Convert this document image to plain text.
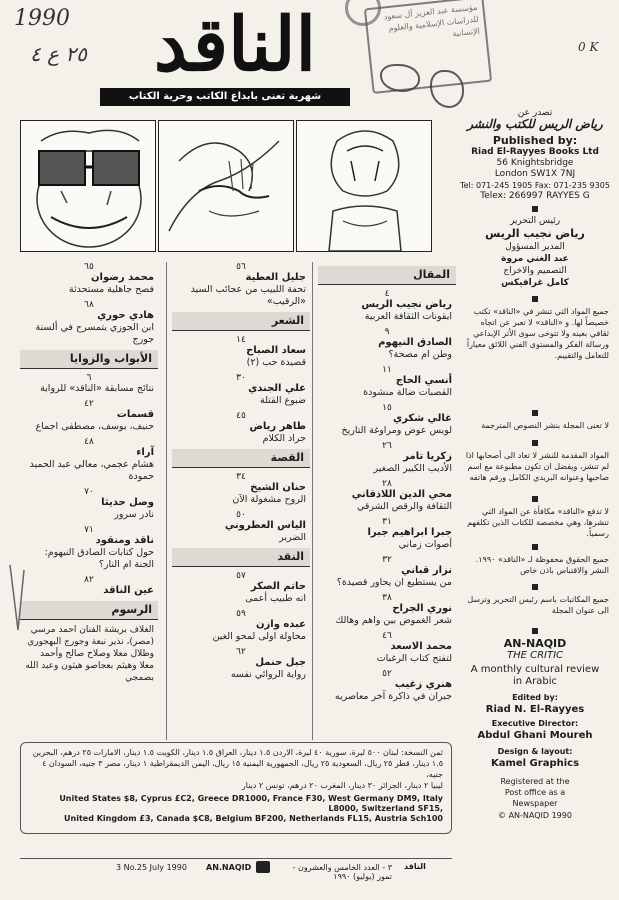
1990
٢٥ ع ٤	0 K
الناقد
شهرية تعنى بابداع الكاتب وحرية الكتاب
مؤسسة عبد العزيز آل سعود للدراسات الإسلامية والعلوم الإنسانية
تصدر عن
رياض الريس للكتب والنشر
Published by:
Riad El-Rayyes Books Ltd
56 Knightsbridge
London SW1X 7NJ
Tel: 071-245 1905 Fax: 071-235 9305
Telex: 266997 RAYYES G
رئيس التحرير
رياض نجيب الريس
المدير المسؤول
عبد الغني مروة
التصميم والاخراج
كامل غرافيكس
جميع المواد التي تنشر في «الناقد» تكتب خصيصاً لها. و «الناقد» لا تعبر عن اتجاه ثقافي بعينه ولا تتوخى سوى الأثر الإبداعي ورسالة الفكر والمستوى الفني اللائق معياراً للتعامل والتقييم.
لا تعنى المجلة بنشر النصوص المترجمة
المواد المقدمة للنشر لا تعاد الى أصحابها اذا لم تنشر، ويفضل ان تكون مطبوعة مع اسم صاحبها وعنوانه البريدي الكامل ورقم هاتفه
لا تدفع «الناقد» مكافأة عن المواد التي تنشرها، وهي مخصصة للكتاب الذين تكلفهم رسمياً.
جميع الحقوق محفوظة لـ «الناقد» ١٩٩٠. النشر والاقتباس باذن خاص
جميع المكاتبات باسم رئيس التحرير وترسل الى عنوان المجلة
AN-NAQID
THE CRITIC
A monthly cultural review
in Arabic
Edited by:
Riad N. El-Rayyes
Executive Director:
Abdul Ghani Moureh
Design & layout:
Kamel Graphics
Registered at the
Post office as a
Newspaper
© AN-NAQID 1990
المقال
٤
رياض نجيب الريس
ايقونات الثقافة العربية
٩
الصادق النيهوم
وطن ام مصحة؟
١١
أنسي الحاج
القصبات ضالة منشودة
١٥
غالي شكري
لويس عوض ومراوغة التاريخ
٢٦
زكريا تامر
الأديب الكبير الصغير
٢٨
محي الدين اللاذقاني
الثقافة والرقص الشرقي
٣١
جبرا ابراهيم جبرا
أصوات زماني
٣٢
نزار قباني
من يستطيع ان يحاور قصيدة؟
٣٨
نوري الجراح
شعر الغموض بين واهم وهالك
٤٦
محمد الاسعد
لتفتح كتاب الرغبات
٥٢
هنري زغيب
جبران في ذاكرة آخر معاصريه
٥٦
جليل العطية
تحفة اللبيب من عجائب السيد «الرقيب»
الشعر
١٤
سعاد الصباح
قصيدة حب (٢)
٣٠
علي الجندي
ضبوع القتلة
٤٥
طاهر رياض
جراد الكلام
القصة
٣٤
حنان الشيخ
الروح مشغولة الآن
٥٠
الياس العطروني
الضرير
النقد
٥٧
حاتم الصكر
انه طبيب أعمى
٥٩
عبده وازن
محاولة اولى لمحو الغين
٦٢
جبل حنمل
رواية الروائي نفسه
٦٥
محمد رضوان
فصح جاهلية مستحدثة
٦٨
هادي حوري
ابن الجوزي يتمسرح في ألسنة جورج
الأبواب والزوايا
٦
نتائج مسابقة «الناقد» للرواية
٤٢
قسمات
حنيف، يوسف، مصطفى اجماع
٤٨
آراء
هشام عجمي، معالي عبد الحميد حمودة
٧٠
وصل حديثا
نادر سرور
٧١
ناقد ومنقود
حول كتابات الصادق النيهوم: الجنة ام النار؟
٨٢
عين الناقد
الرسوم
الغلاف بريشة الفنان احمد مرسي (مصر)، نذير نبعة وجورج البهجوري وطلال معلا وصلاح صالح وأحمد معلا وهيثم بعجاصو هيثون وعبد الله بصمجي
ثمن النسخة: لبنان ٥٠٠ ليرة، سورية ٤٠ ليرة، الاردن ١.٥ دينار، العراق ١.٥ دينار، الكويت ١.٥ دينار، الامارات ٢٥ درهم، البحرين ١.٥ دينار، قطر ٢٥ ريال، السعودية ٢٥ ريال، الجمهورية اليمنية ١٥ ريال، اليمن الديمقراطية ١ دينار، مصر ٣ جنيه، السودان ٤ جنيه،
ليبيا ٢ دينار، الجزائر ٣٠ دينار، المغرب ٢٠ درهم، تونس ٢ دينار
United States $8, Cyprus £C2, Greece DR1000, France F30, West Germany DM9, Italy L8000, Switzerland SF15,
United Kingdom £3, Canada $C8, Belgium BF200, Netherlands FL15, Austria Sch100
3 No.25 July 1990 AN.NAQID	٣ - العدد الخامس والعشرون - تموز (يوليو) ١٩٩٠
الناقد
